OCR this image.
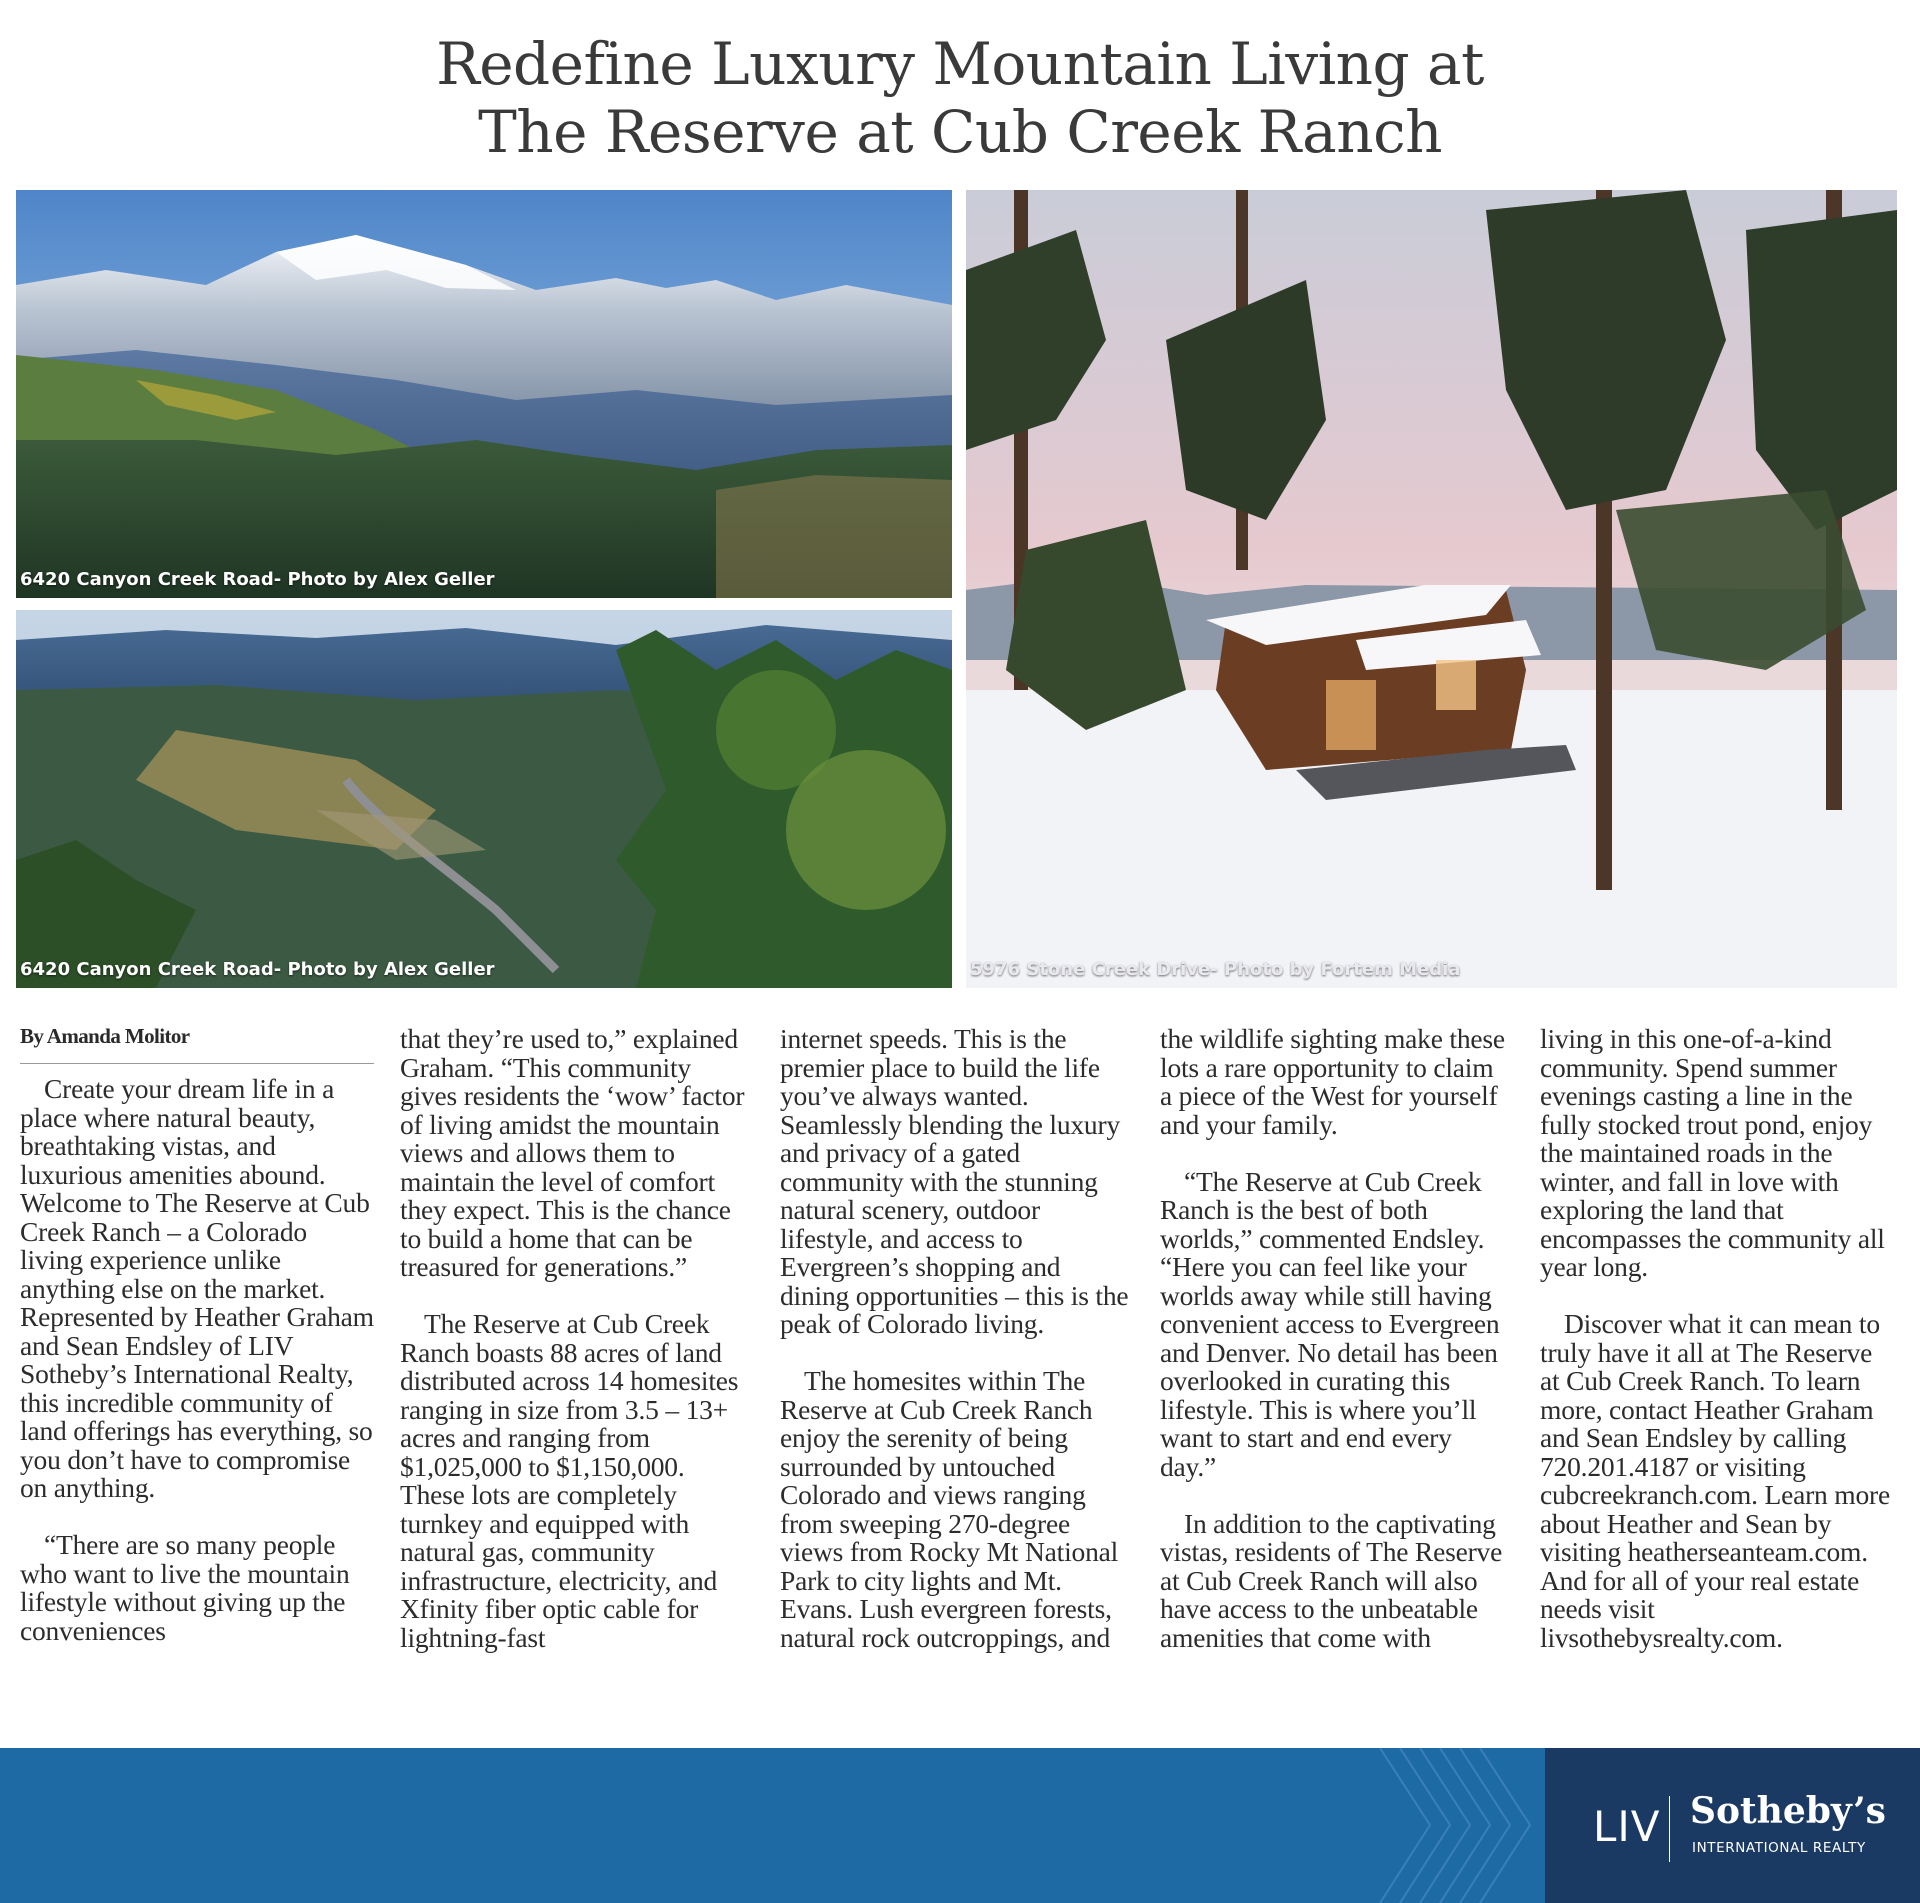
Redefine Luxury Mountain Living at
The Reserve at Cub Creek Ranch

6420 Canyon Creek Road- Photo by Alex Geller

6420 Canyon Creek Road- Photo by Alex Geller	5976 Stone Creek Drive- Photo by Fortem Media

By Amanda Molitor

Create your dream life in a place where natural beauty, breathtaking vistas, and luxurious amenities abound. Welcome to The Reserve at Cub Creek Ranch – a Colorado living experience unlike anything else on the market. Represented by Heather Graham and Sean Endsley of LIV Sotheby’s International Realty, this incredible community of land offerings has everything, so you don’t have to compromise on anything.

“There are so many people who want to live the mountain lifestyle without giving up the conveniences

that they’re used to,” explained Graham. “This community gives residents the ‘wow’ factor of living amidst the mountain views and allows them to maintain the level of comfort they expect. This is the chance to build a home that can be treasured for generations.”

The Reserve at Cub Creek Ranch boasts 88 acres of land distributed across 14 homesites ranging in size from 3.5 – 13+ acres and ranging from $1,025,000 to $1,150,000. These lots are completely turnkey and equipped with natural gas, community infrastructure, electricity, and Xfinity fiber optic cable for lightning-fast

internet speeds. This is the premier place to build the life you’ve always wanted. Seamlessly blending the luxury and privacy of a gated community with the stunning natural scenery, outdoor lifestyle, and access to Evergreen’s shopping and dining opportunities – this is the peak of Colorado living.

The homesites within The Reserve at Cub Creek Ranch enjoy the serenity of being surrounded by untouched Colorado and views ranging from sweeping 270-degree views from Rocky Mt National Park to city lights and Mt. Evans. Lush evergreen forests, natural rock outcroppings, and

the wildlife sighting make these lots a rare opportunity to claim a piece of the West for yourself and your family.

“The Reserve at Cub Creek Ranch is the best of both worlds,” commented Endsley. “Here you can feel like your worlds away while still having convenient access to Evergreen and Denver. No detail has been overlooked in curating this lifestyle. This is where you’ll want to start and end every day.”

In addition to the captivating vistas, residents of The Reserve at Cub Creek Ranch will also have access to the unbeatable amenities that come with

living in this one-of-a-kind community. Spend summer evenings casting a line in the fully stocked trout pond, enjoy the maintained roads in the winter, and fall in love with exploring the land that encompasses the community all year long.

Discover what it can mean to truly have it all at The Reserve at Cub Creek Ranch. To learn more, contact Heather Graham and Sean Endsley by calling 720.201.4187 or visiting cubcreekranch.com. Learn more about Heather and Sean by visiting heatherseanteam.com. And for all of your real estate needs visit livsothebysrealty.com.

LIV Sotheby’s

INTERNATIONAL REALTY
